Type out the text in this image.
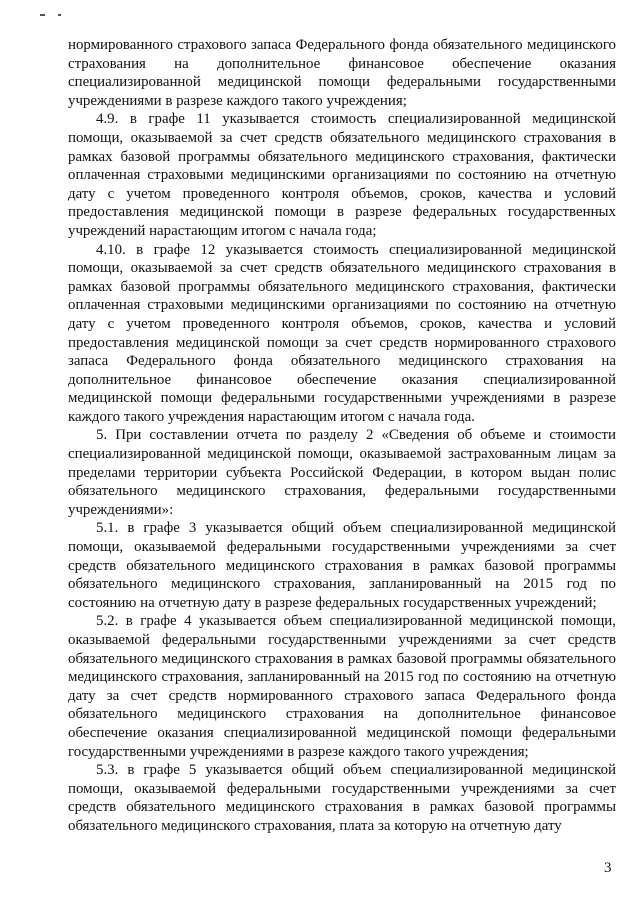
нормированного страхового запаса Федерального фонда обязательного медицинского страхования на дополнительное финансовое обеспечение оказания специализированной медицинской помощи федеральными государственными учреждениями в разрезе каждого такого учреждения;

4.9. в графе 11 указывается стоимость специализированной медицинской помощи, оказываемой за счет средств обязательного медицинского страхования в рамках базовой программы обязательного медицинского страхования, фактически оплаченная страховыми медицинскими организациями по состоянию на отчетную дату с учетом проведенного контроля объемов, сроков, качества и условий предоставления медицинской помощи в разрезе федеральных государственных учреждений нарастающим итогом с начала года;

4.10. в графе 12 указывается стоимость специализированной медицинской помощи, оказываемой за счет средств обязательного медицинского страхования в рамках базовой программы обязательного медицинского страхования, фактически оплаченная страховыми медицинскими организациями по состоянию на отчетную дату с учетом проведенного контроля объемов, сроков, качества и условий предоставления медицинской помощи за счет средств нормированного страхового запаса Федерального фонда обязательного медицинского страхования на дополнительное финансовое обеспечение оказания специализированной медицинской помощи федеральными государственными учреждениями в разрезе каждого такого учреждения нарастающим итогом с начала года.

5. При составлении отчета по разделу 2 «Сведения об объеме и стоимости специализированной медицинской помощи, оказываемой застрахованным лицам за пределами территории субъекта Российской Федерации, в котором выдан полис обязательного медицинского страхования, федеральными государственными учреждениями»:

5.1. в графе 3 указывается общий объем специализированной медицинской помощи, оказываемой федеральными государственными учреждениями за счет средств обязательного медицинского страхования в рамках базовой программы обязательного медицинского страхования, запланированный на 2015 год по состоянию на отчетную дату в разрезе федеральных государственных учреждений;

5.2. в графе 4 указывается объем специализированной медицинской помощи, оказываемой федеральными государственными учреждениями за счет средств обязательного медицинского страхования в рамках базовой программы обязательного медицинского страхования, запланированный на 2015 год по состоянию на отчетную дату за счет средств нормированного страхового запаса Федерального фонда обязательного медицинского страхования на дополнительное финансовое обеспечение оказания специализированной медицинской помощи федеральными государственными учреждениями в разрезе каждого такого учреждения;

5.3. в графе 5 указывается общий объем специализированной медицинской помощи, оказываемой федеральными государственными учреждениями за счет средств обязательного медицинского страхования в рамках базовой программы обязательного медицинского страхования, плата за которую на отчетную дату

3
